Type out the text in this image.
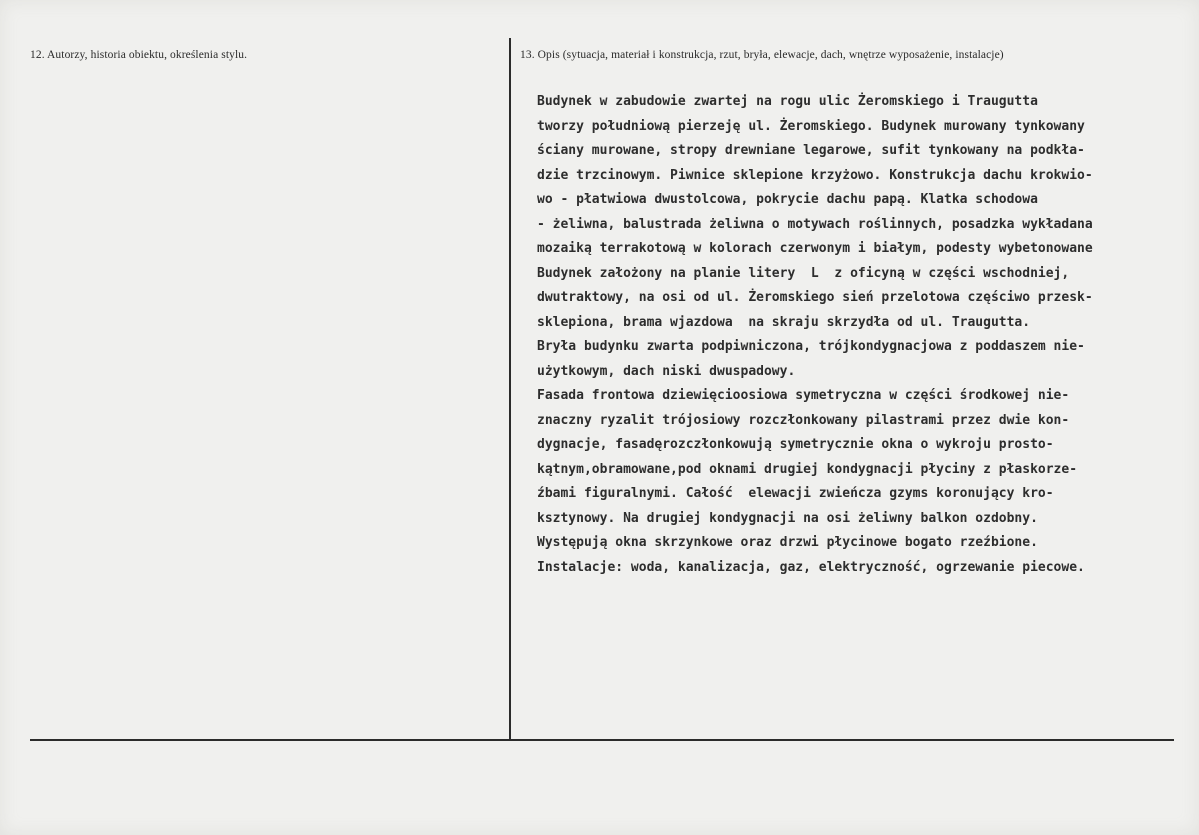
12. Autorzy, historia obiektu, określenia stylu.	13. Opis (sytuacja, materiał i konstrukcja, rzut, bryła, elewacje, dach, wnętrze wyposażenie, instalacje)
Budynek w zabudowie zwartej na rogu ulic Żeromskiego i Traugutta
tworzy południową pierzeję ul. Żeromskiego. Budynek murowany tynkowany
ściany murowane, stropy drewniane legarowe, sufit tynkowany na podkła-
dzie trzcinowym. Piwnice sklepione krzyżowo. Konstrukcja dachu krokwio-
wo - płatwiowa dwustolcowa, pokrycie dachu papą. Klatka schodowa
- żeliwna, balustrada żeliwna o motywach roślinnych, posadzka wykładana
mozaiką terrakotową w kolorach czerwonym i białym, podesty wybetonowane
Budynek założony na planie litery  L  z oficyną w części wschodniej,
dwutraktowy, na osi od ul. Żeromskiego sień przelotowa częściwo przesk-
sklepiona, brama wjazdowa  na skraju skrzydła od ul. Traugutta.
Bryła budynku zwarta podpiwniczona, trójkondygnacjowa z poddaszem nie-
użytkowym, dach niski dwuspadowy.
Fasada frontowa dziewięcioosiowa symetryczna w części środkowej nie-
znaczny ryzalit trójosiowy rozczłonkowany pilastrami przez dwie kon-
dygnacje, fasadęrozczłonkowują symetrycznie okna o wykroju prosto-
kątnym,obramowane,pod oknami drugiej kondygnacji płyciny z płaskorze-
źbami figuralnymi. Całość  elewacji zwieńcza gzyms koronujący kro-
ksztynowy. Na drugiej kondygnacji na osi żeliwny balkon ozdobny.
Występują okna skrzynkowe oraz drzwi płycinowe bogato rzeźbione.
Instalacje: woda, kanalizacja, gaz, elektryczność, ogrzewanie piecowe.
